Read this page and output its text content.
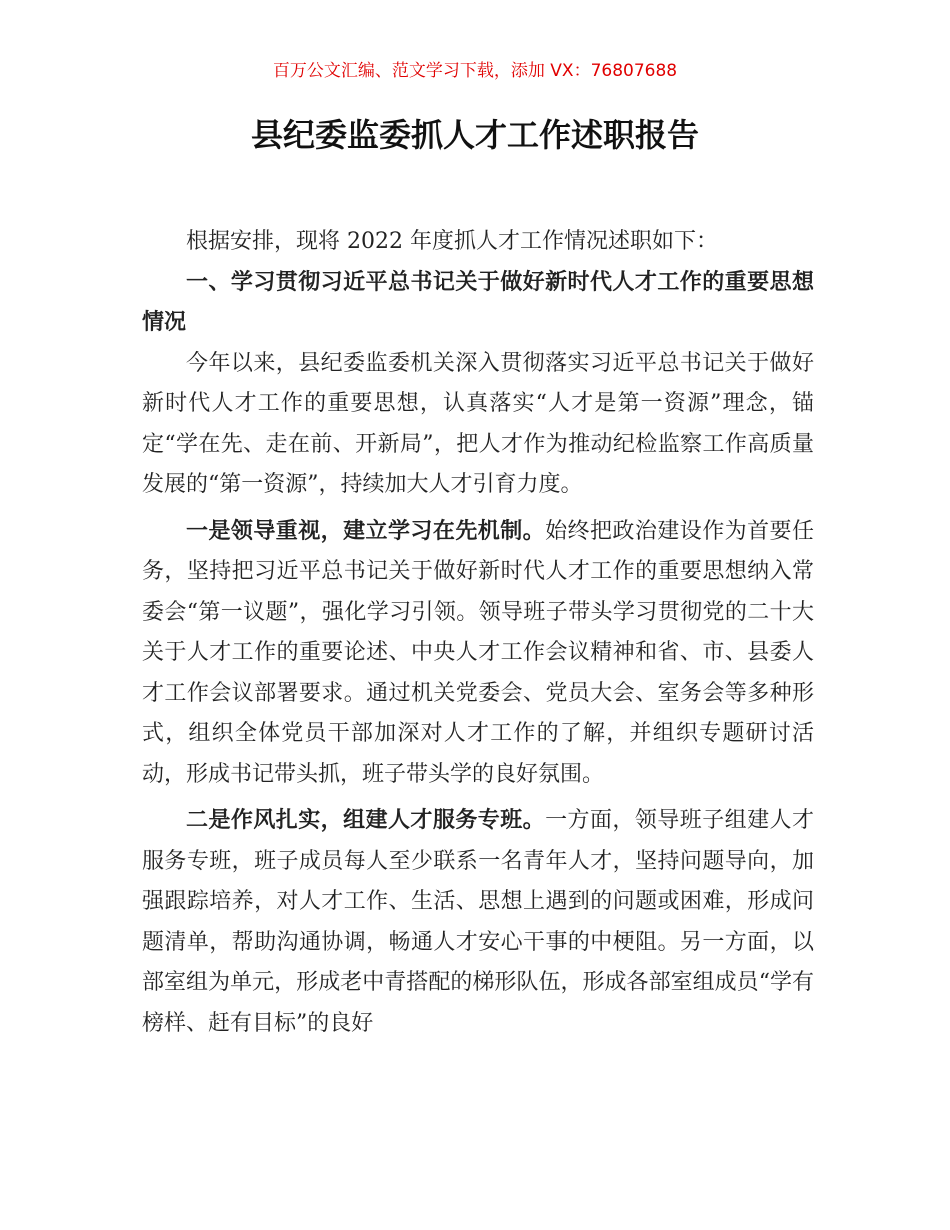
百万公文汇编、范文学习下载，添加 VX：76807688
县纪委监委抓人才工作述职报告

根据安排，现将 2022 年度抓人才工作情况述职如下：

一、学习贯彻习近平总书记关于做好新时代人才工作的重要思想情况

今年以来，县纪委监委机关深入贯彻落实习近平总书记关于做好新时代人才工作的重要思想，认真落实“人才是第一资源”理念，锚定“学在先、走在前、开新局”，把人才作为推动纪检监察工作高质量发展的“第一资源”，持续加大人才引育力度。

一是领导重视，建立学习在先机制。始终把政治建设作为首要任务，坚持把习近平总书记关于做好新时代人才工作的重要思想纳入常委会“第一议题”，强化学习引领。领导班子带头学习贯彻党的二十大关于人才工作的重要论述、中央人才工作会议精神和省、市、县委人才工作会议部署要求。通过机关党委会、党员大会、室务会等多种形式，组织全体党员干部加深对人才工作的了解，并组织专题研讨活动，形成书记带头抓，班子带头学的良好氛围。

二是作风扎实，组建人才服务专班。一方面，领导班子组建人才服务专班，班子成员每人至少联系一名青年人才，坚持问题导向，加强跟踪培养，对人才工作、生活、思想上遇到的问题或困难，形成问题清单，帮助沟通协调，畅通人才安心干事的中梗阻。另一方面，以部室组为单元，形成老中青搭配的梯形队伍，形成各部室组成员“学有榜样、赶有目标”的良好
